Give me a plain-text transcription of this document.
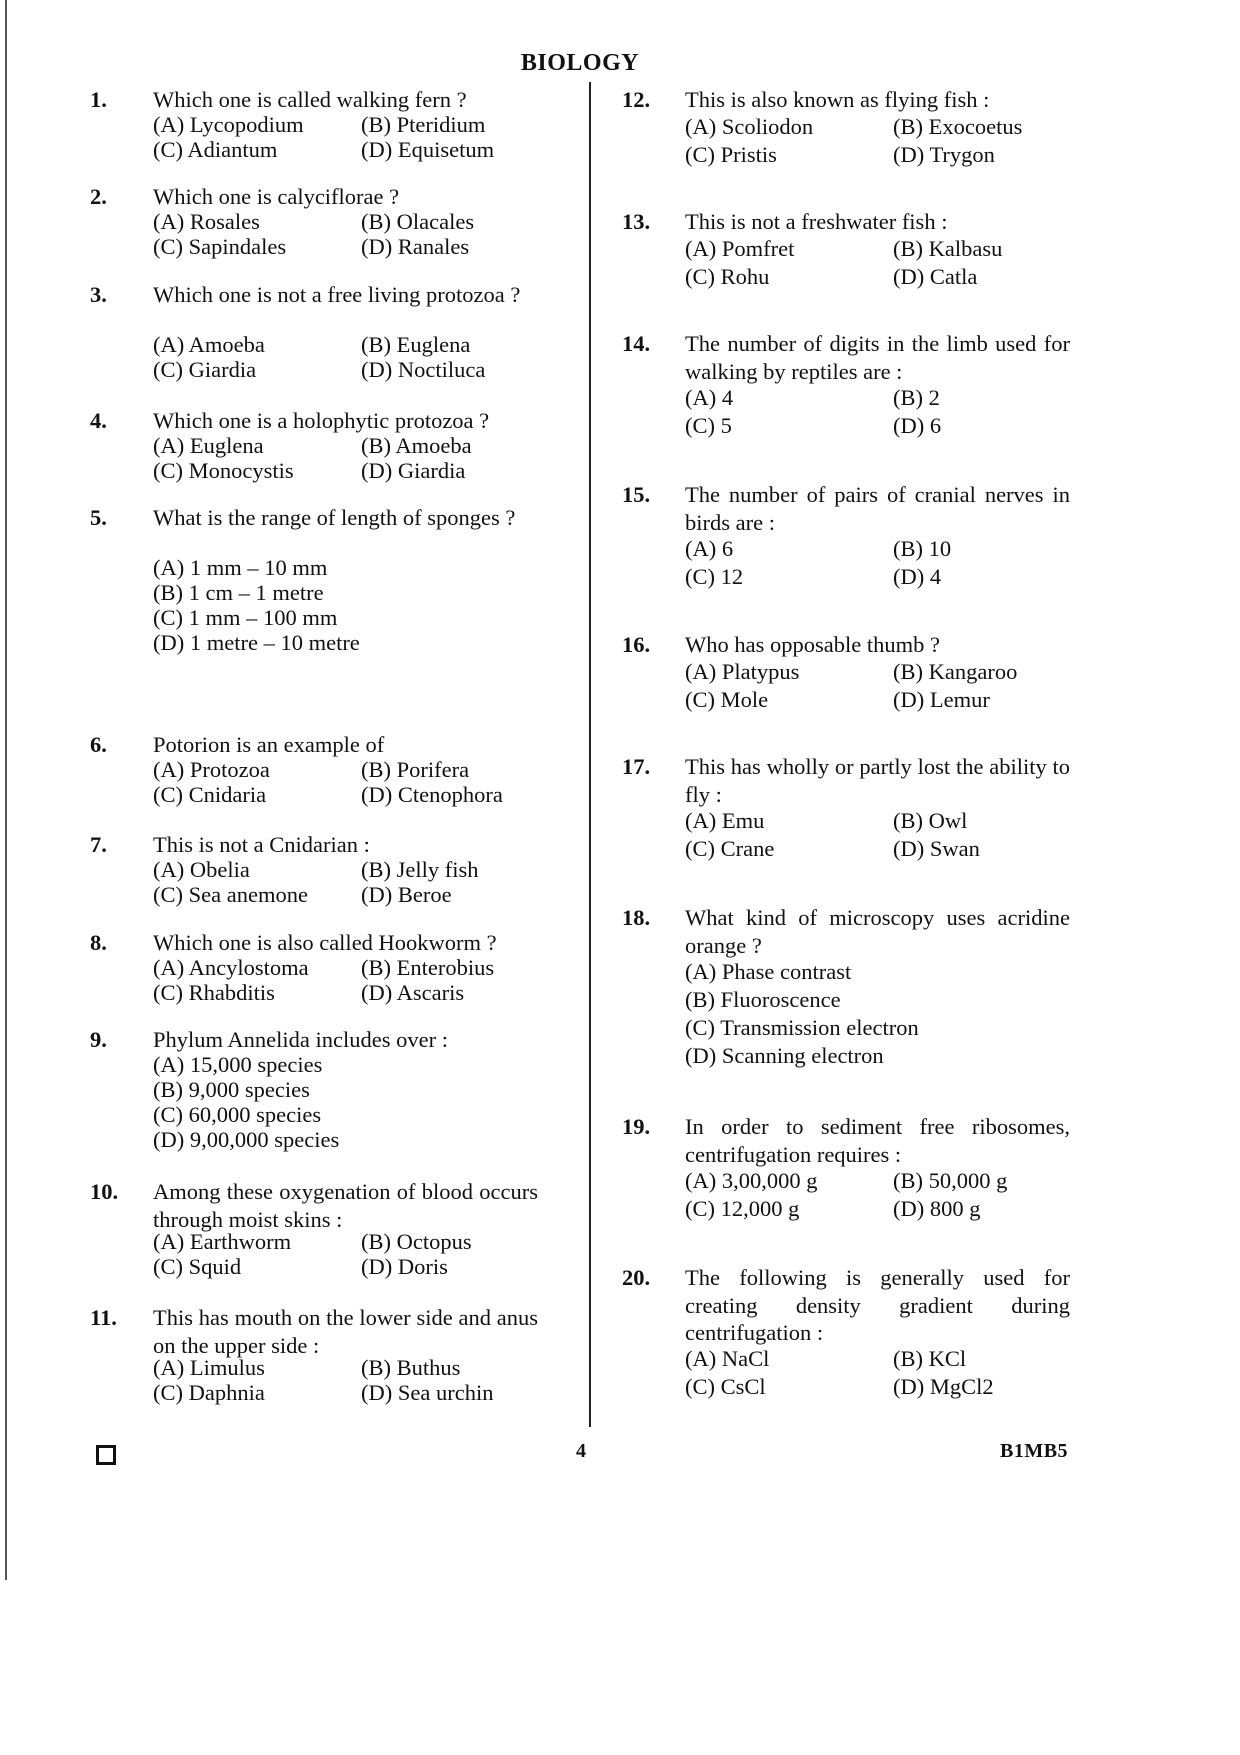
BIOLOGY
1. Which one is called walking fern ?
(A) Lycopodium	(B) Pteridium
(C) Adiantum	(D) Equisetum
2. Which one is calyciflorae ?
(A) Rosales	(B) Olacales
(C) Sapindales	(D) Ranales
3. Which one is not a free living protozoa ?
(A) Amoeba	(B) Euglena
(C) Giardia	(D) Noctiluca
4. Which one is a holophytic protozoa ?
(A) Euglena	(B) Amoeba
(C) Monocystis	(D) Giardia
5. What is the range of length of sponges ?
(A) 1 mm – 10 mm
(B) 1 cm – 1 metre
(C) 1 mm – 100 mm
(D) 1 metre – 10 metre
6. Potorion is an example of
(A) Protozoa	(B) Porifera
(C) Cnidaria	(D) Ctenophora
7. This is not a Cnidarian :
(A) Obelia	(B) Jelly fish
(C) Sea anemone (D) Beroe
8. Which one is also called Hookworm ?
(A) Ancylostoma (B) Enterobius
(C) Rhabditis	(D) Ascaris
9. Phylum Annelida includes over :
(A) 15,000 species
(B) 9,000 species
(C) 60,000 species
(D) 9,00,000 species
10. Among these oxygenation of blood occurs through moist skins :
(A) Earthworm	(B) Octopus
(C) Squid	(D) Doris
11. This has mouth on the lower side and anus on the upper side :
(A) Limulus	(B) Buthus
(C) Daphnia	(D) Sea urchin
12. This is also known as flying fish :
(A) Scoliodon	(B) Exocoetus
(C) Pristis	(D) Trygon
13. This is not a freshwater fish :
(A) Pomfret	(B) Kalbasu
(C) Rohu	(D) Catla
14. The number of digits in the limb used for walking by reptiles are :
(A) 4	(B) 2
(C) 5	(D) 6
15. The number of pairs of cranial nerves in birds are :
(A) 6	(B) 10
(C) 12	(D) 4
16. Who has opposable thumb ?
(A) Platypus	(B) Kangaroo
(C) Mole	(D) Lemur
17. This has wholly or partly lost the ability to fly :
(A) Emu	(B) Owl
(C) Crane	(D) Swan
18. What kind of microscopy uses acridine orange ?
(A) Phase contrast
(B) Fluoroscence
(C) Transmission electron
(D) Scanning electron
19. In order to sediment free ribosomes, centrifugation requires :
(A) 3,00,000 g	(B) 50,000 g
(C) 12,000 g	(D) 800 g
20. The following is generally used for creating density gradient during centrifugation :
(A) NaCl	(B) KCl
(C) CsCl	(D) MgCl2
4	B1MB5
